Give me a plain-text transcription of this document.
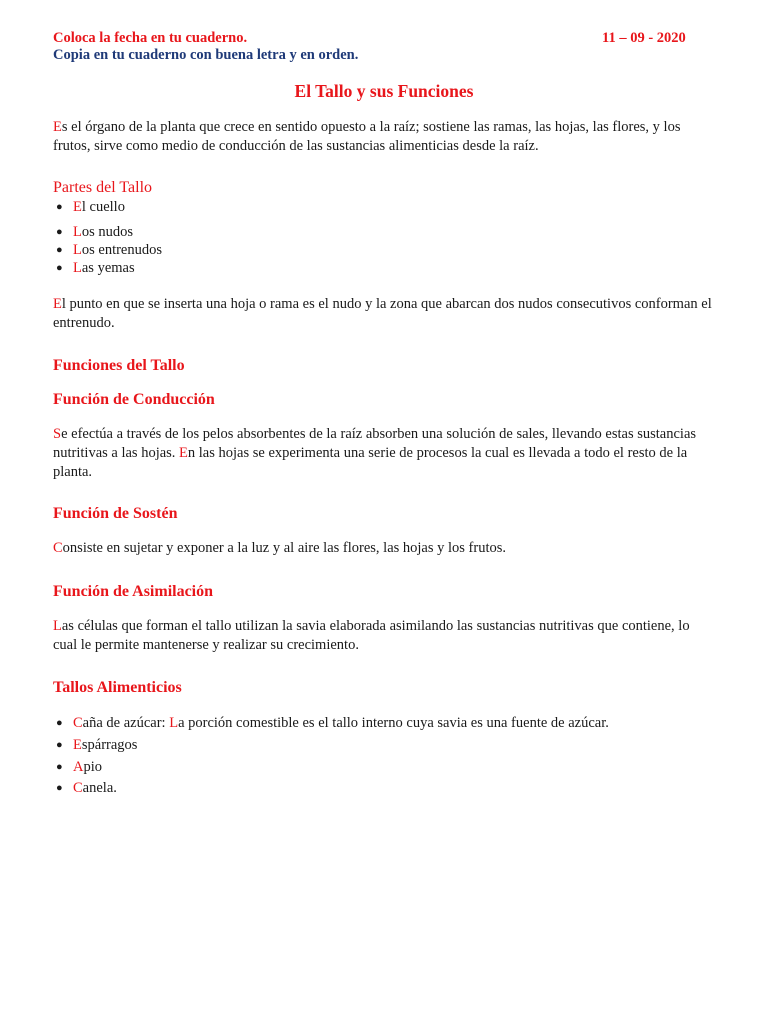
Coloca la fecha en tu cuaderno.	11 – 09 - 2020
Copia en tu cuaderno con buena letra y en orden.
El Tallo y sus Funciones
Es el órgano de la planta que crece en sentido opuesto a la raíz; sostiene las ramas, las hojas, las flores, y los frutos, sirve como medio de conducción de las sustancias alimenticias desde la raíz.
Partes del Tallo
● El cuello
● Los nudos
● Los entrenudos
● Las yemas
El punto en que se inserta una hoja o rama es el nudo y la zona que abarcan dos nudos consecutivos conforman el entrenudo.
Funciones del Tallo
Función de Conducción
Se efectúa a través de los pelos absorbentes de la raíz absorben una solución de sales, llevando estas sustancias nutritivas a las hojas. En las hojas se experimenta una serie de procesos la cual es llevada a todo el resto de la planta.
Función de Sostén
Consiste en sujetar y exponer a la luz y al aire las flores, las hojas y los frutos.
Función de Asimilación
Las células que forman el tallo utilizan la savia elaborada asimilando las sustancias nutritivas que contiene, lo cual le permite mantenerse y realizar su crecimiento.
Tallos Alimenticios
● Caña de azúcar: La porción comestible es el tallo interno cuya savia es una fuente de azúcar.
● Espárragos
● Apio
● Canela.
